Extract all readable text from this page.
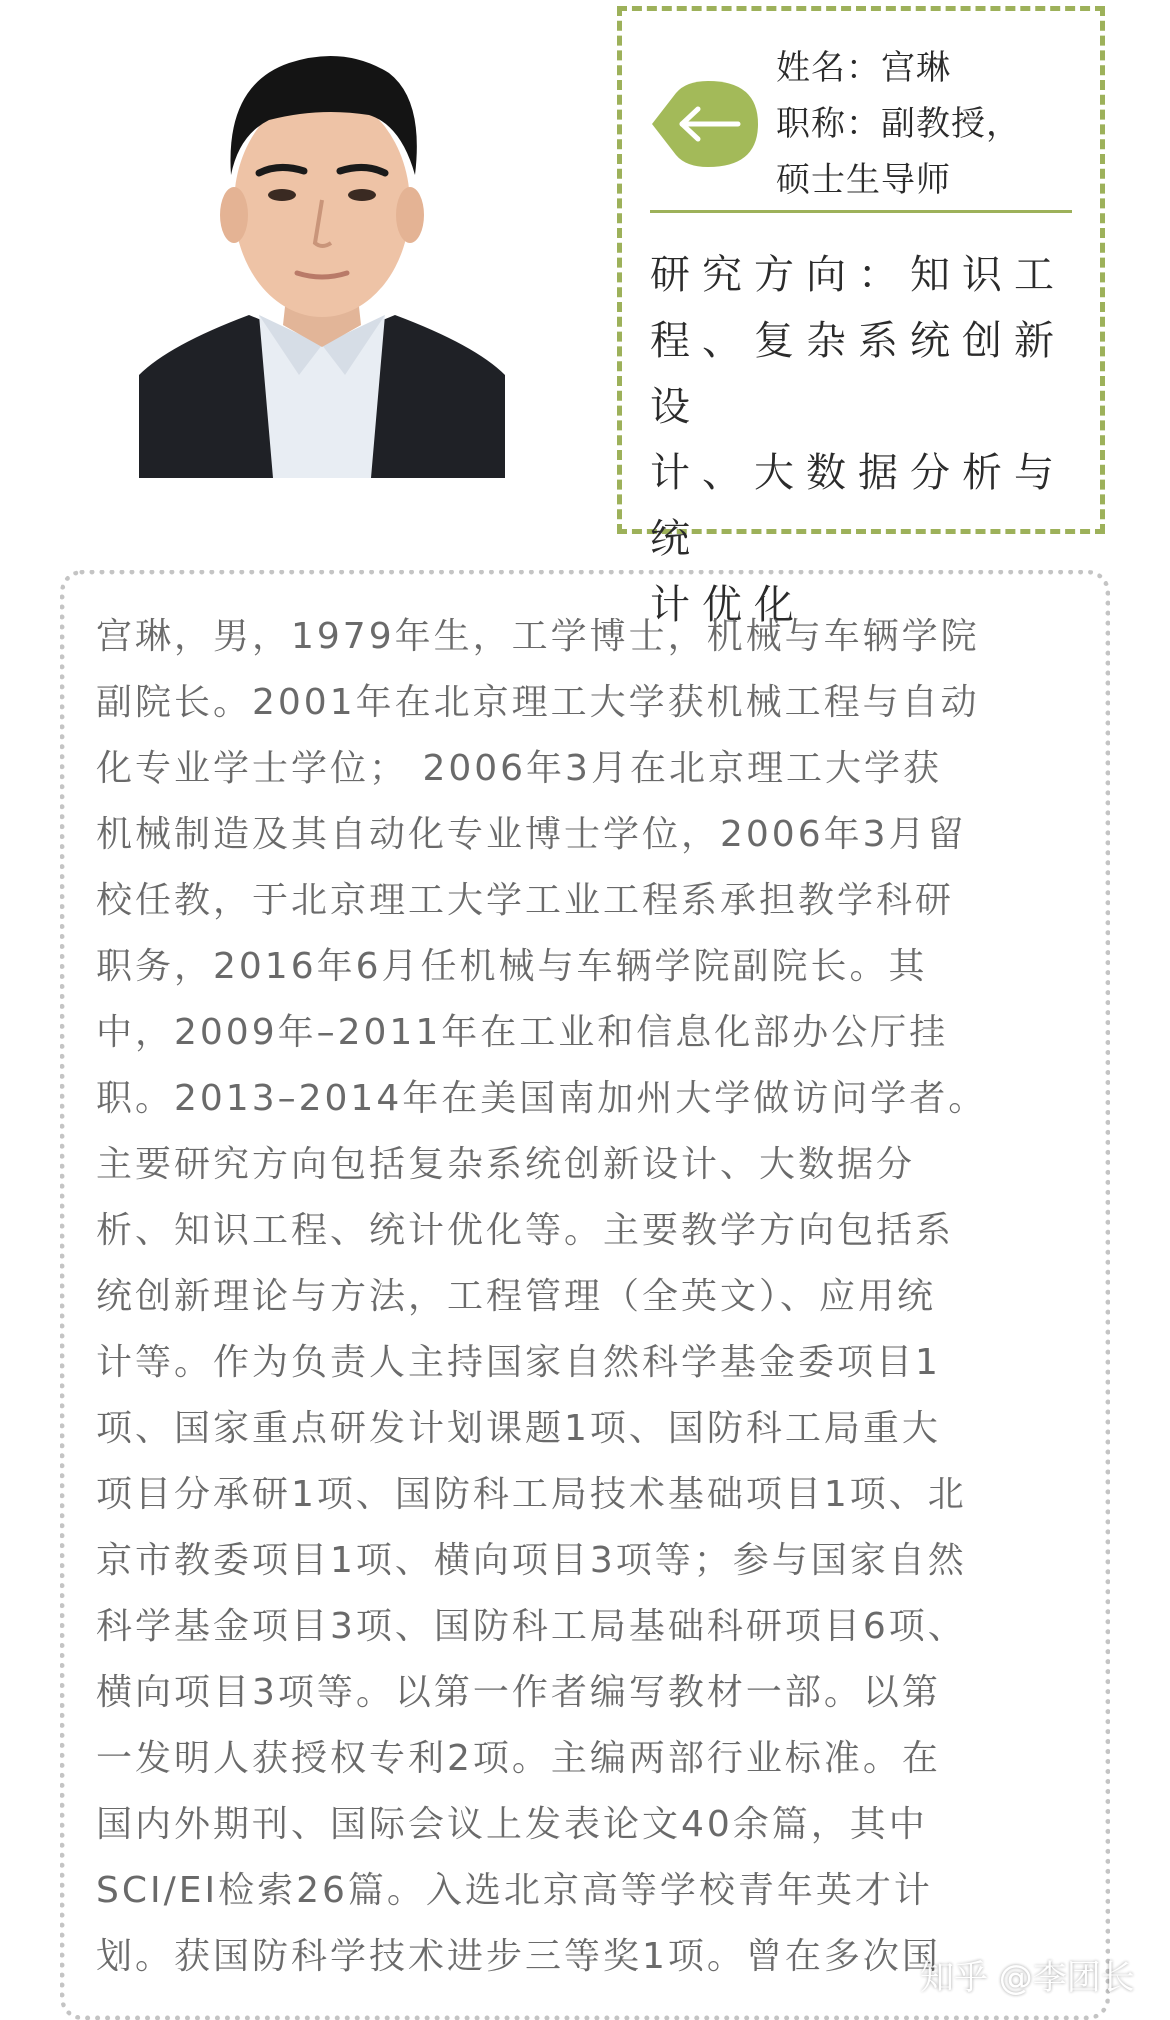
姓名：宫琳
职称：副教授，
硕士生导师
研究方向：知识工
程、复杂系统创新设
计、大数据分析与统
计优化
宫琳，男，1979年生，工学博士，机械与车辆学院
副院长。2001年在北京理工大学获机械工程与自动
化专业学士学位； 2006年3月在北京理工大学获
机械制造及其自动化专业博士学位，2006年3月留
校任教，于北京理工大学工业工程系承担教学科研
职务，2016年6月任机械与车辆学院副院长。其
中，2009年–2011年在工业和信息化部办公厅挂
职。2013–2014年在美国南加州大学做访问学者。
主要研究方向包括复杂系统创新设计、大数据分
析、知识工程、统计优化等。主要教学方向包括系
统创新理论与方法，工程管理（全英文）、应用统
计等。作为负责人主持国家自然科学基金委项目1
项、国家重点研发计划课题1项、国防科工局重大
项目分承研1项、国防科工局技术基础项目1项、北
京市教委项目1项、横向项目3项等；参与国家自然
科学基金项目3项、国防科工局基础科研项目6项、
横向项目3项等。以第一作者编写教材一部。以第
一发明人获授权专利2项。主编两部行业标准。在
国内外期刊、国际会议上发表论文40余篇，其中
SCI/EI检索26篇。入选北京高等学校青年英才计
划。获国防科学技术进步三等奖1项。曾在多次国
知乎 @李团长
